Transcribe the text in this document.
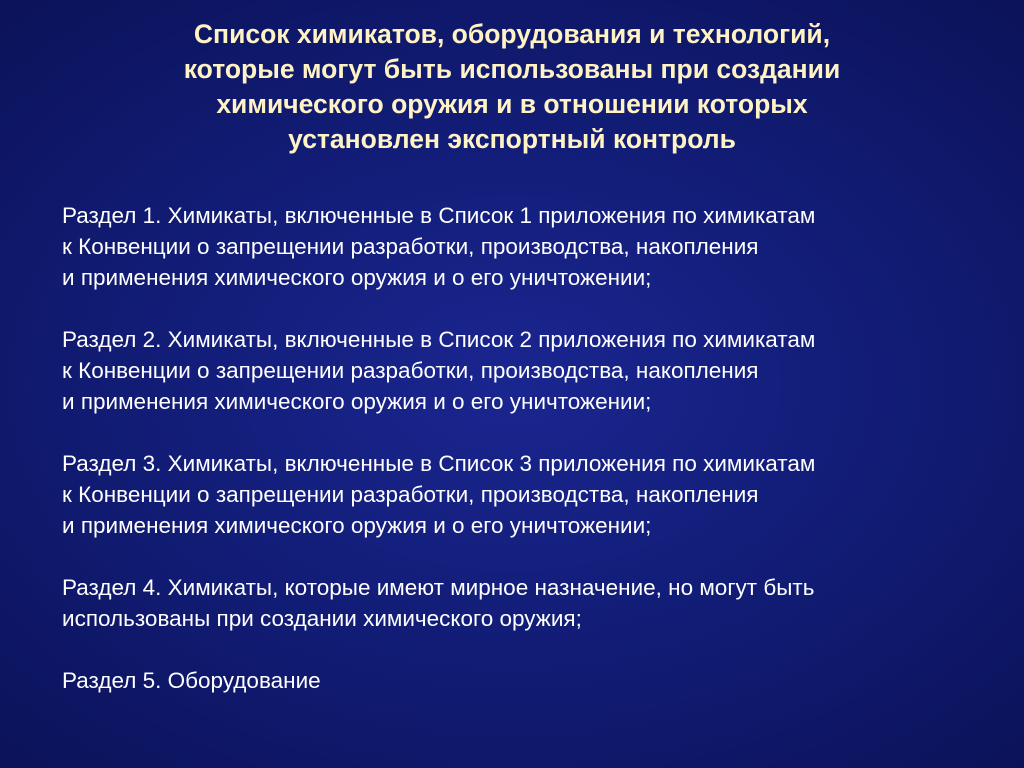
Список химикатов, оборудования и технологий,
которые могут быть использованы при создании
химического оружия и в отношении которых
установлен экспортный контроль
Раздел 1. Химикаты, включенные в Список 1 приложения по химикатам
к Конвенции о запрещении разработки, производства, накопления
и применения химического оружия и о его уничтожении;
Раздел 2. Химикаты, включенные в Список 2 приложения по химикатам
к Конвенции о запрещении разработки, производства, накопления
и применения химического оружия и о его уничтожении;
Раздел 3. Химикаты, включенные в Список 3 приложения по химикатам
к Конвенции о запрещении разработки, производства, накопления
и применения химического оружия и о его уничтожении;
Раздел 4. Химикаты, которые имеют мирное назначение, но могут быть
использованы при создании химического оружия;
Раздел 5. Оборудование
